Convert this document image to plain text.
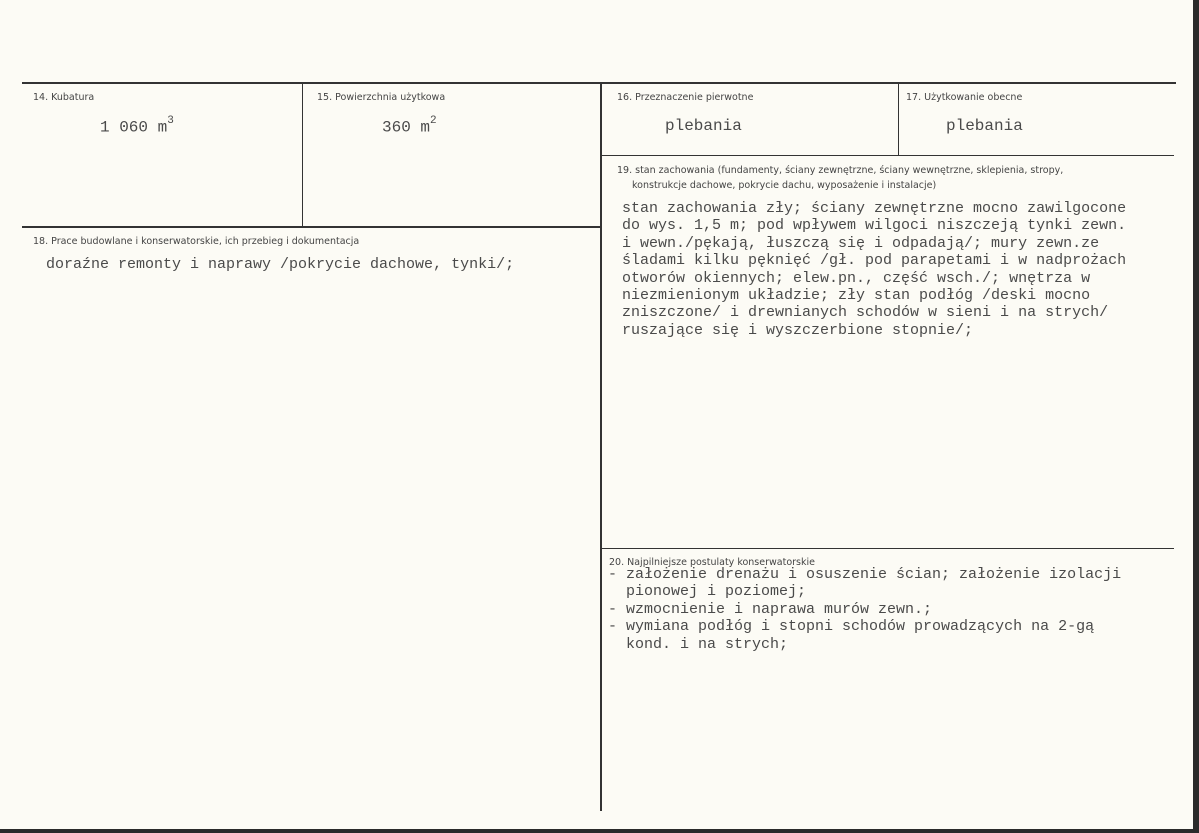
14. Kubatura
1 060 $m^3$
15. Powierzchnia użytkowa
360 $m^2$
16. Przeznaczenie pierwotne
plebania
17. Użytkowanie obecne
plebania
18. Prace budowlane i konserwatorskie, ich przebieg i dokumentacja
doraźne remonty i naprawy /pokrycie dachowe, tynki/;
19. stan zachowania (fundamenty, ściany zewnętrzne, ściany wewnętrzne, sklepienia, stropy,
konstrukcje dachowe, pokrycie dachu, wyposażenie i instalacje)
stan zachowania zły; ściany zewnętrzne mocno zawilgocone
do wys. 1,5 m; pod wpływem wilgoci niszczeją tynki zewn.
i wewn./pękają, łuszczą się i odpadają/; mury zewn.ze
śladami kilku pęknięć /gł. pod parapetami i w nadprożach
otworów okiennych; elew.pn., część wsch./; wnętrza w
niezmienionym układzie; zły stan podłóg /deski mocno
zniszczone/ i drewnianych schodów w sieni i na strych/
ruszające się i wyszczerbione stopnie/;
20. Najpilniejsze postulaty konserwatorskie
- założenie drenażu i osuszenie ścian; założenie izolacji
pionowej i poziomej;
- wzmocnienie i naprawa murów zewn.;
- wymiana podłóg i stopni schodów prowadzących na 2-gą
kond. i na strych;
